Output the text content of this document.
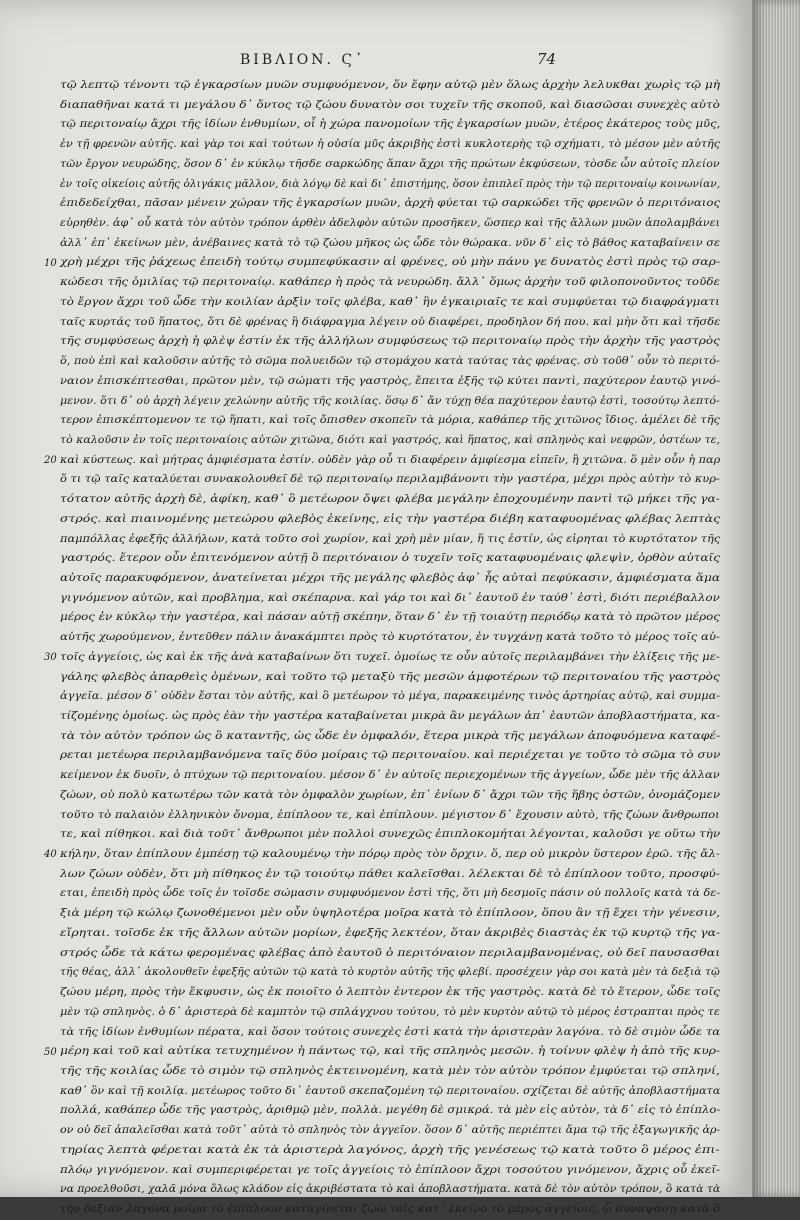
ΒΙΒΛΙΟΝ. Ϛ᾽	74
τῷ λεπτῷ τένοντι τῷ ἐγκαρσίων μυῶν συμφυόμενον, ὅν ἔφην αὐτῷ μὲν ὅλως ἀρχὴν λελυκθαι χωρὶς τῷ μὴ
διαπαθῆναι κατά τι μεγάλου δ᾽ ὄντος τῷ ζώου δυνατὸν σοι τυχεῖν τῆς σκοποῦ, καὶ διασῶσαι συνεχὲς αὐτὸ
τῷ περιτοναίῳ ἄχρι τῆς ἰδίων ἐνθυμίων, οἷ ἡ χώρα πανομοίων τῆς ἐγκαρσίων μυῶν, ἑτέρος ἐκάτερος τοὺς μῦς,
ἐν τῇ φρενῶν αὐτῆς. καὶ γὰρ τοι καὶ τούτων ἡ οὐσία μῦς ἀκριβὴς ἐστὶ κυκλοτερὴς τῷ σχήματι, τὸ μέσον μὲν αὐτῆς
τῶν ἔργον νευρώδης, ὅσον δ᾽ ἐν κύκλῳ τῆσδε σαρκώδης ἅπαν ἄχρι τῆς πρώτων ἐκφύσεων, τὸσδε ὧν αὐτοῖς πλείον
ἐν τοῖς οἰκείοις αὐτῆς ὀλιγάκις μᾶλλον, διὰ λόγῳ δὲ καὶ δι᾽ ἐπιστήμης, ὅσον ἐπιπλεῖ πρὸς τὴν τῷ περιτοναίῳ κοινωνίαν,
ἐπιδεδείχθαι, πᾶσαν μένειν χώραν τῆς ἐγκαρσίων μυῶν, ἀρχὴ φύεται τῷ σαρκώδει τῆς φρενῶν ὁ περιτόναιος
εὑρηθὲν. ἀφ᾽ οὗ κατὰ τὸν αὐτὸν τρόπον ἀρθὲν ἀδελφὸν αὐτῶν προσῆκεν, ὥσπερ καὶ τῆς ἄλλων μυῶν ἀπολαμβάνει
ἀλλ᾽ ἐπ᾽ ἐκείνων μὲν, ἀνέβαινες κατὰ τὸ τῷ ζώου μῆκος ὡς ὧδε τὸν θώρακα. νῦν δ᾽ εἰς τὸ βάθος καταβαίνειν σε
χρὴ μέχρι τῆς ῥάχεως ἐπειδὴ τούτῳ συμπεφύκασιν αἱ φρένες, οὐ μὴν πάνυ γε δυνατὸς ἐστὶ πρὸς τῷ σαρ-
κώδεσι τῆς ὁμιλίας τῷ περιτοναίῳ. καθάπερ ἡ πρὸς τὰ νευρώδη. ἄλλ᾽ ὅμως ἀρχὴν τοῦ φιλοπονοῦντος τοῦδε
τὸ ἔργον ἄχρι τοῦ ὧδε τὴν κοιλίαν ἀρξὶν τοῖς φλέβα, καθ᾽ ἣν ἐγκαιριαῖς τε καὶ συμφύεται τῷ διαφράγματι
ταῖς κυρτάς τοῦ ἥπατος, ὅτι δὲ φρένας ἢ διάφραγμα λέγειν οὐ διαφέρει, προδηλον δή που. καὶ μὴν ὅτι καὶ τῆσδε
τῆς συμφύσεως ἀρχὴ ἡ φλὲψ ἐστίν ἐκ τῆς ἀλλήλων συμφύσεως τῷ περιτοναίῳ πρὸς τὴν ἀρχὴν τῆς γαστρὸς
ὅ, ποὺ ἐπὶ καὶ καλοῦσιν αὐτῆς τὸ σῶμα πολυειδῶν τῷ στομάχου κατὰ ταύτας τὰς φρένας. σὺ τοῦθ᾽ οὖν τὸ περιτό-
ναιον ἐπισκέπτεσθαι, πρῶτον μὲν, τῷ σώματι τῆς γαστρὸς, ἔπειτα ἐξῆς τῷ κύτει παντὶ, παχύτερον ἑαυτῷ γινό-
μενον. ὅτι δ᾽ οὐ ἀρχὴ λέγειν χελώνην αὐτῆς τῆς κοιλίας. ὅσῳ δ᾽ ἄν τύχῃ θέα παχύτερον ἑαυτῷ ἐστὶ, τοσούτῳ λεπτό-
τερον ἐπισκέπτομενον τε τῷ ἥπατι, καὶ τοῖς ὄπισθεν σκοπεῖν τὰ μόρια, καθάπερ τῆς χιτῶνος ἴδιος. ἀμέλει δὲ τῆς
τὸ καλοῦσιν ἐν τοῖς περιτοναίοις αὐτῶν χιτῶνα, διότι καὶ γαστρός, καὶ ἥπατος, καὶ σπληνὸς καὶ νεφρῶν, ὀστέων τε,
καὶ κύστεως. καὶ μήτρας ἀμφιέσματα ἐστίν. οὐδὲν γὰρ οὖ τι διαφέρειν ἀμφίεσμα εἰπεῖν, ἢ χιτῶνα. ὃ μὲν οὖν ἡ παρ
ὅ τι τῷ ταῖς καταλύεται συνακολουθεῖ δὲ τῷ περιτοναίῳ περιλαμβάνοντι τὴν γαστέρα, μέχρι πρὸς αὐτὴν τὸ κυρ-
τότατον αὐτῆς ἀρχὴ δὲ, ἀφίκη, καθ᾽ ὃ μετέωρον ὄψει φλέβα μεγάλην ἐποχουμένην παντὶ τῷ μήκει τῆς γα-
στρός. καὶ πιαινομένης μετεώρου φλεβὸς ἐκείνης, εἰς τὴν γαστέρα διέβη καταφυομένας φλέβας λεπτὰς
παμπόλλας ἐφεξῆς ἀλλήλων, κατὰ τοῦτο σοὶ χωρίον, καὶ χρὴ μὲν μίαν, ἥ τις ἐστίν, ὡς εἰρηται τὸ κυρτότατον τῆς
γαστρός. ἔτερον οὖν ἐπιτενόμενον αὐτῇ ὃ περιτόναιον ὁ τυχεῖν τοῖς καταφυομέναις φλεψὶν, ὀρθὸν αὐταῖς
αὐτοῖς παρακυφόμενον, ἀνατείνεται μέχρι τῆς μεγάλης φλεβὸς ἀφ᾽ ἧς αὐταὶ πεφύκασιν, ἀμφιέσματα ἅμα
γιγνόμενον αὐτῶν, καὶ προβλημα, καὶ σκέπαρνα. καὶ γάρ τοι καὶ δι᾽ ἑαυτοῦ ἐν ταύθ᾽ ἐστὶ, διότι περιέβαλλον
μέρος ἐν κύκλῳ τὴν γαστέρα, καὶ πάσαν αὐτῇ σκέπην, ὅταν δ᾽ ἐν τῇ τοιαύτῃ περιόδῳ κατὰ τὸ πρῶτον μέρος
αὐτῆς χωρούμενον, ἐντεῦθεν πάλιν ἀνακάμπτει πρὸς τὸ κυρτότατον, ἐν τυγχάνῃ κατὰ τοῦτο τὸ μέρος τοῖς αὐ-
τοῖς ἀγγείοις, ὡς καὶ ἐκ τῆς ἀνὰ καταβαίνων ὅτι τυχεῖ. ὁμοίως τε οὖν αὐτοῖς περιλαμβάνει τὴν ἑλίξεις τῆς με-
γάλης φλεβὸς ἀπαρθεὶς ὁμένων, καὶ τοῦτο τῷ μεταξὺ τῆς μεσῶν ἀμφοτέρων τῷ περιτοναίου τῆς γαστρὸς
ἀγγεῖα. μέσον δ᾽ οὐδὲν ἔσται τὸν αὐτῆς, καὶ ὃ μετέωρον τὸ μέγα, παρακειμένης τινὸς ἀρτηρίας αὐτῷ, καὶ συμμα-
τίζομένης ὁμοίως. ὡς πρὸς ἐὰν τὴν γαστέρα καταβαίνεται μικρὰ ἂν μεγάλων ἀπ᾽ ἑαυτῶν ἀποβλαστήματα, κα-
τὰ τὸν αὐτὸν τρόπον ὡς ὃ καταντῆς, ὡς ὧδε ἐν ὀμφαλόν, ἕτερα μικρὰ τῆς μεγάλων ἀποφυόμενα καταφέ-
ρεται μετέωρα περιλαμβανόμενα ταῖς δύο μοίραις τῷ περιτοναίου. καὶ περιέχεται γε τοῦτο τὸ σῶμα τὸ συν
κείμενον ἐκ δυοῖν, ὁ πτύχων τῷ περιτοναίου. μέσον δ᾽ ἐν αὐτοῖς περιεχομένων τῆς ἀγγείων, ὧδε μὲν τῆς ἀλλαν
ζώων, οὐ πολὺ κατωτέρω τῶν κατὰ τὸν ὀμφαλὸν χωρίων, ἐπ᾽ ἐνίων δ᾽ ἄχρι τῶν τῆς ἥβης ὀστῶν, ὀνομάζομεν
τοῦτο τὸ παλαιὸν ἑλληνικὸν ὄνομα, ἐπίπλοον τε, καὶ ἐπίπλουν. μέγιστον δ᾽ ἔχουσιν αὐτὸ, τῆς ζώων ἄνθρωποι
τε, καὶ πίθηκοι. καὶ διὰ τοῦτ᾽ ἄνθρωποι μὲν πολλοὶ συνεχῶς ἐπιπλοκομήται λέγονται, καλοῦσι γε οὕτω τὴν
κήλην, ὅταν ἐπίπλουν ἐμπέσῃ τῷ καλουμένῳ τὴν πόρῳ πρὸς τὸν ὄρχιν. ὅ, περ οὐ μικρὸν ὕστερον ἐρῶ. τῆς ἄλ-
λων ζώων οὐδὲν, ὅτι μὴ πίθηκος ἐν τῷ τοιούτῳ πάθει καλεῖσθαι. λέλεκται δὲ τὸ ἐπίπλοον τοῦτο, προσφύ-
εται, ἐπειδὴ πρὸς ὧδε τοῖς ἐν τοῖσδε σώμασιν συμφυόμενον ἐστὶ τῆς, ὅτι μὴ δεσμοῖς πάσιν οὐ πολλοῖς κατὰ τὰ δε-
ξιὰ μέρη τῷ κώλῳ ζωνοθέμενοι μὲν οὖν ὑψηλοτέρα μοῖρα κατὰ τὸ ἐπίπλοον, ὅπου ἂν τῇ ἔχει τὴν γένεσιν,
εἴρηται. τοῖσδε ἐκ τῆς ἄλλων αὐτῶν μορίων, ἐφεξῆς λεκτέον, ὅταν ἀκριβὲς διαστὰς ἐκ τῷ κυρτῷ τῆς γα-
στρός ὧδε τὰ κάτω φερομένας φλέβας ἀπὸ ἑαυτοῦ ὁ περιτόναιον περιλαμβανομένας, οὐ δεῖ παυσασθαι
τῆς θέας, ἀλλ᾽ ἀκολουθεῖν ἐφεξῆς αὐτῶν τῷ κατὰ τὸ κυρτὸν αὐτῆς τῆς φλεβί. προσέχειν γὰρ σοι κατὰ μὲν τὰ δεξιὰ τῷ
ζώου μέρη, πρὸς τὴν ἔκφυσιν, ὡς ἐκ ποιοῖτο ὁ λεπτὸν ἐντερον ἐκ τῆς γαστρὸς. κατὰ δὲ τὸ ἕτερον, ὧδε τοῖς
μὲν τῷ σπληνὸς. ὁ δ᾽ ἀριστερὰ δὲ καμπτὸν τῷ σπλάγχνου τούτου, τὸ μὲν κυρτὸν αὐτῷ τὸ μέρος ἐστραπται πρὸς τε
τὰ τῆς ἰδίων ἐνθυμίων πέρατα, καὶ ὅσον τούτοις συνεχὲς ἐστὶ κατὰ τὴν ἀριστερὰν λαγόνα. τὸ δὲ σιμὸν ὧδε τα
μέρη καὶ τοῦ καὶ αὐτίκα τετυχημένον ἡ πάντως τῷ, καὶ τῆς σπληνὸς μεσῶν. ἡ τοίνυν φλὲψ ἡ ἀπὸ τῆς κυρ-
τῆς τῆς κοιλίας ὧδε τὸ σιμὸν τῷ σπληνὸς ἐκτεινομένη, κατὰ μὲν τὸν αὐτὸν τρόπον ἐμφύεται τῷ σπληνί,
καθ᾽ ὃν καὶ τῇ κοιλίᾳ. μετέωρος τοῦτο δι᾽ ἑαυτοῦ σκεπαζομένη τῷ περιτοναίου. σχίζεται δὲ αὐτῆς ἀποβλαστήματα
πολλά, καθάπερ ὧδε τῆς γαστρὸς, ἀριθμῷ μὲν, πολλὰ. μεγέθη δὲ σμικρά. τὰ μὲν εἰς αὐτὸν, τὰ δ᾽ εἰς τὸ ἐπίπλο-
ον οὐ δεῖ ἀπαλεῖσθαι κατὰ τοῦτ᾽ αὐτὰ τὸ σπληνὸς τὸν ἀγγεῖον. ὅσον δ᾽ αὐτῆς περιέπτει ἅμα τῷ τῆς ἐξαγωγικῆς ἀρ-
τηρίας λεπτὰ φέρεται κατὰ ἐκ τὰ ἀριστερὰ λαγόνος, ἀρχὴ τῆς γενέσεως τῷ κατὰ τοῦτο ὃ μέρος ἐπι-
πλόῳ γιγνόμενον. καὶ συμπεριφέρεται γε τοῖς ἀγγείοις τὸ ἐπίπλοον ἄχρι τοσούτου γινόμενον, ἄχρις οὗ ἐκεῖ-
να προελθοῦσι, χαλᾶ μόνα ὅλως κλάδον εἰς ἀκριβέστατα τὸ καὶ ἀποβλαστήματα. κατὰ δὲ τὸν αὐτὸν τρόπον, ὃ κατὰ τὰ
τὴν δεξιὰν λαγόνα μοῖρα τὸ ἐπίπλοον καταγίνεται ζῴω τοῖς κατ᾽ ἐκεῖνο τὸ μέρος ἀγγείοις, ᾧ συναψάσῃ κατὰ ὃ
10
20
30
40
50
